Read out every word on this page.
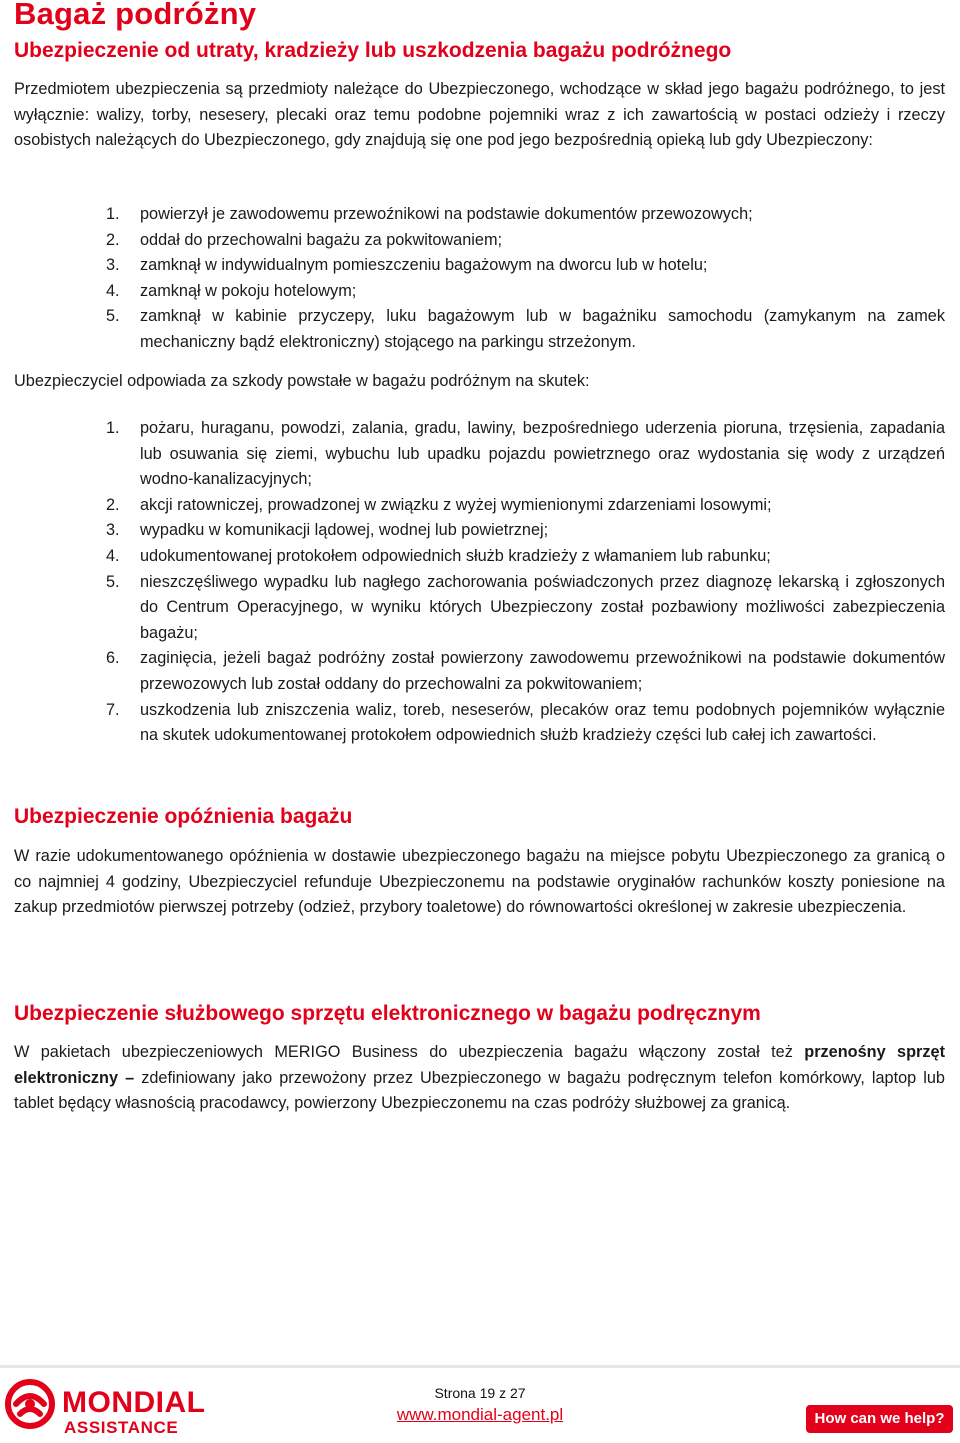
Bagaż podróżny
Ubezpieczenie od utraty, kradzieży lub uszkodzenia bagażu podróżnego

Przedmiotem ubezpieczenia są przedmioty należące do Ubezpieczonego, wchodzące w skład jego bagażu podróżnego, to jest wyłącznie: walizy, torby, nesesery, plecaki oraz temu podobne pojemniki wraz z ich zawartością w postaci odzieży i rzeczy osobistych należących do Ubezpieczonego, gdy znajdują się one pod jego bezpośrednią opieką lub gdy Ubezpieczony:

1. powierzył je zawodowemu przewoźnikowi na podstawie dokumentów przewozowych;
2. oddał do przechowalni bagażu za pokwitowaniem;
3. zamknął w indywidualnym pomieszczeniu bagażowym na dworcu lub w hotelu;
4. zamknął w pokoju hotelowym;
5. zamknął w kabinie przyczepy, luku bagażowym lub w bagażniku samochodu (zamykanym na zamek mechaniczny bądź elektroniczny) stojącego na parkingu strzeżonym.

Ubezpieczyciel odpowiada za szkody powstałe w bagażu podróżnym na skutek:

1. pożaru, huraganu, powodzi, zalania, gradu, lawiny, bezpośredniego uderzenia pioruna, trzęsienia, zapadania lub osuwania się ziemi, wybuchu lub upadku pojazdu powietrznego oraz wydostania się wody z urządzeń wodno-kanalizacyjnych;
2. akcji ratowniczej, prowadzonej w związku z wyżej wymienionymi zdarzeniami losowymi;
3. wypadku w komunikacji lądowej, wodnej lub powietrznej;
4. udokumentowanej protokołem odpowiednich służb kradzieży z włamaniem lub rabunku;
5. nieszczęśliwego wypadku lub nagłego zachorowania poświadczonych przez diagnozę lekarską i zgłoszonych do Centrum Operacyjnego, w wyniku których Ubezpieczony został pozbawiony możliwości zabezpieczenia bagażu;
6. zaginięcia, jeżeli bagaż podróżny został powierzony zawodowemu przewoźnikowi na podstawie dokumentów przewozowych lub został oddany do przechowalni za pokwitowaniem;
7. uszkodzenia lub zniszczenia waliz, toreb, neseserów, plecaków oraz temu podobnych pojemników wyłącznie na skutek udokumentowanej protokołem odpowiednich służb kradzieży części lub całej ich zawartości.
Ubezpieczenie opóźnienia bagażu

W razie udokumentowanego opóźnienia w dostawie ubezpieczonego bagażu na miejsce pobytu Ubezpieczonego za granicą o co najmniej 4 godziny, Ubezpieczyciel refunduje Ubezpieczonemu na podstawie oryginałów rachunków koszty poniesione na zakup przedmiotów pierwszej potrzeby (odzież, przybory toaletowe) do równowartości określonej w zakresie ubezpieczenia.

Ubezpieczenie służbowego sprzętu elektronicznego w bagażu podręcznym

W pakietach ubezpieczeniowych MERIGO Business do ubezpieczenia bagażu włączony został też przenośny sprzęt elektroniczny – zdefiniowany jako przewożony przez Ubezpieczonego w bagażu podręcznym telefon komórkowy, laptop lub tablet będący własnością pracodawcy, powierzony Ubezpieczonemu na czas podróży służbowej za granicą.

MONDIAL
ASSISTANCE
Strona 19 z 27
www.mondial-agent.pl	How can we help?
